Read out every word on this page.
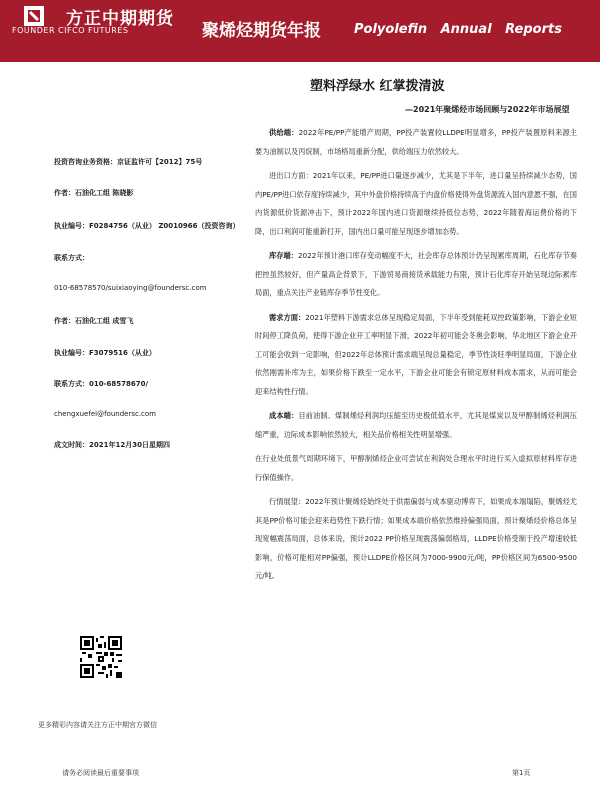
方正中期期货
FOUNDER CIFCO FUTURES	聚烯烃期货年报	Polyolefin Annual Reports
塑料浮绿水 红掌拨清波
—2021年聚烯烃市场回顾与2022年市场展望
投资咨询业务资格：京证监许可【2012】75号
作者：石油化工组 陈晓影
执业编号：F0284756（从业） Z0010966（投资咨询）
联系方式：
010-68578570/suixiaoying@foundersc.com
作者：石油化工组 成雪飞
执业编号：F3079516（从业）
联系方式：010-68578670/
chengxuefei@foundersc.com
成文时间：2021年12月30日星期四
更多精彩内容请关注方正中期官方微信

供给端：2022年PE/PP产能增产周期，PP投产装置较LLDPE明显增多，PP投产装置原料来源主要为油制以及丙烷制，市场格局重新分配，供给端压力依然较大。

进出口方面：2021年以来，PE/PP进口量逐步减少，尤其是下半年，进口量呈持续减少态势，国内PE/PP进口依存度持续减少，其中外盘价格持续高于内盘价格使得外盘货源流入国内意愿不强，在国内货源低价货源冲击下，预计2022年国内进口货源继续持低位态势，2022年随着海运费价格的下降，出口利润可能重新打开，国内出口量可能呈现逐步增加态势。

库存端：2022年预计港口库存变动幅度不大，社会库存总体预计仍呈现累库周期，石化库存节奏把控虽然较好，但产量高企背景下，下游贸易商接货承载能力有限，预计石化库存开始呈现边际累库局面，重点关注产业链库存季节性变化。

需求方面：2021年塑料下游需求总体呈现稳定局面，下半年受到能耗双控政策影响，下游企业短时间停工降负荷，使得下游企业开工率明显下滑，2022年初可能会冬奥会影响，华北地区下游企业开工可能会收到一定影响，但2022年总体预计需求端呈现总量稳定，季节性淡旺季明显局面，下游企业依然刚需补库为主，如果价格下跌至一定水平，下游企业可能会有锁定原材料成本需求，从而可能会迎来结构性行情。

成本端：目前油制、煤制烯烃利润均压缩至历史极低值水平，尤其是煤炭以及甲醇制烯烃利润压缩严重，边际成本影响依然较大，相关品价格相关性明显增强。

在行业处低景气周期环境下，甲醇制烯烃企业可尝试在利润处合理水平时进行买入虚拟原材料库存进行保值操作。

行情展望：2022年预计聚烯烃始终处于供需偏弱与成本驱动博弈下，如果成本端塌陷，聚烯烃尤其是PP价格可能会迎来趋势性下跌行情；如果成本端价格依然维持偏强局面，预计聚烯烃价格总体呈现宽幅震荡局面，总体来说，预计2022 PP价格呈现震荡偏弱格局，LLDPE价格受制于投产增速较低影响，价格可能相对PP偏强，预计LLDPE价格区间为7000-9900元/吨，PP价格区间为6500-9500元/吨。

请务必阅读最后重要事项	第1页
